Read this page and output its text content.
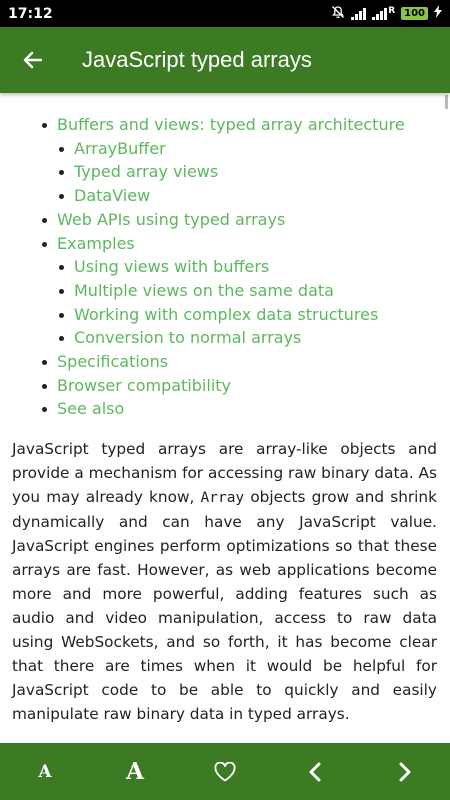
17:12	R 100
JavaScript typed arrays
Buffers and views: typed array architecture
ArrayBuffer
Typed array views
DataView
Web APIs using typed arrays
Examples
Using views with buffers
Multiple views on the same data
Working with complex data structures
Conversion to normal arrays
Specifications
Browser compatibility
See also

JavaScript typed arrays are array-like objects and provide a mechanism for accessing raw binary data. As you may already know, Array objects grow and shrink dynamically and can have any JavaScript value. JavaScript engines perform optimizations so that these arrays are fast. However, as web applications become more and more powerful, adding features such as audio and video manipulation, access to raw data using WebSockets, and so forth, it has become clear that there are times when it would be helpful for JavaScript code to be able to quickly and easily manipulate raw binary data in typed arrays.

A	A
